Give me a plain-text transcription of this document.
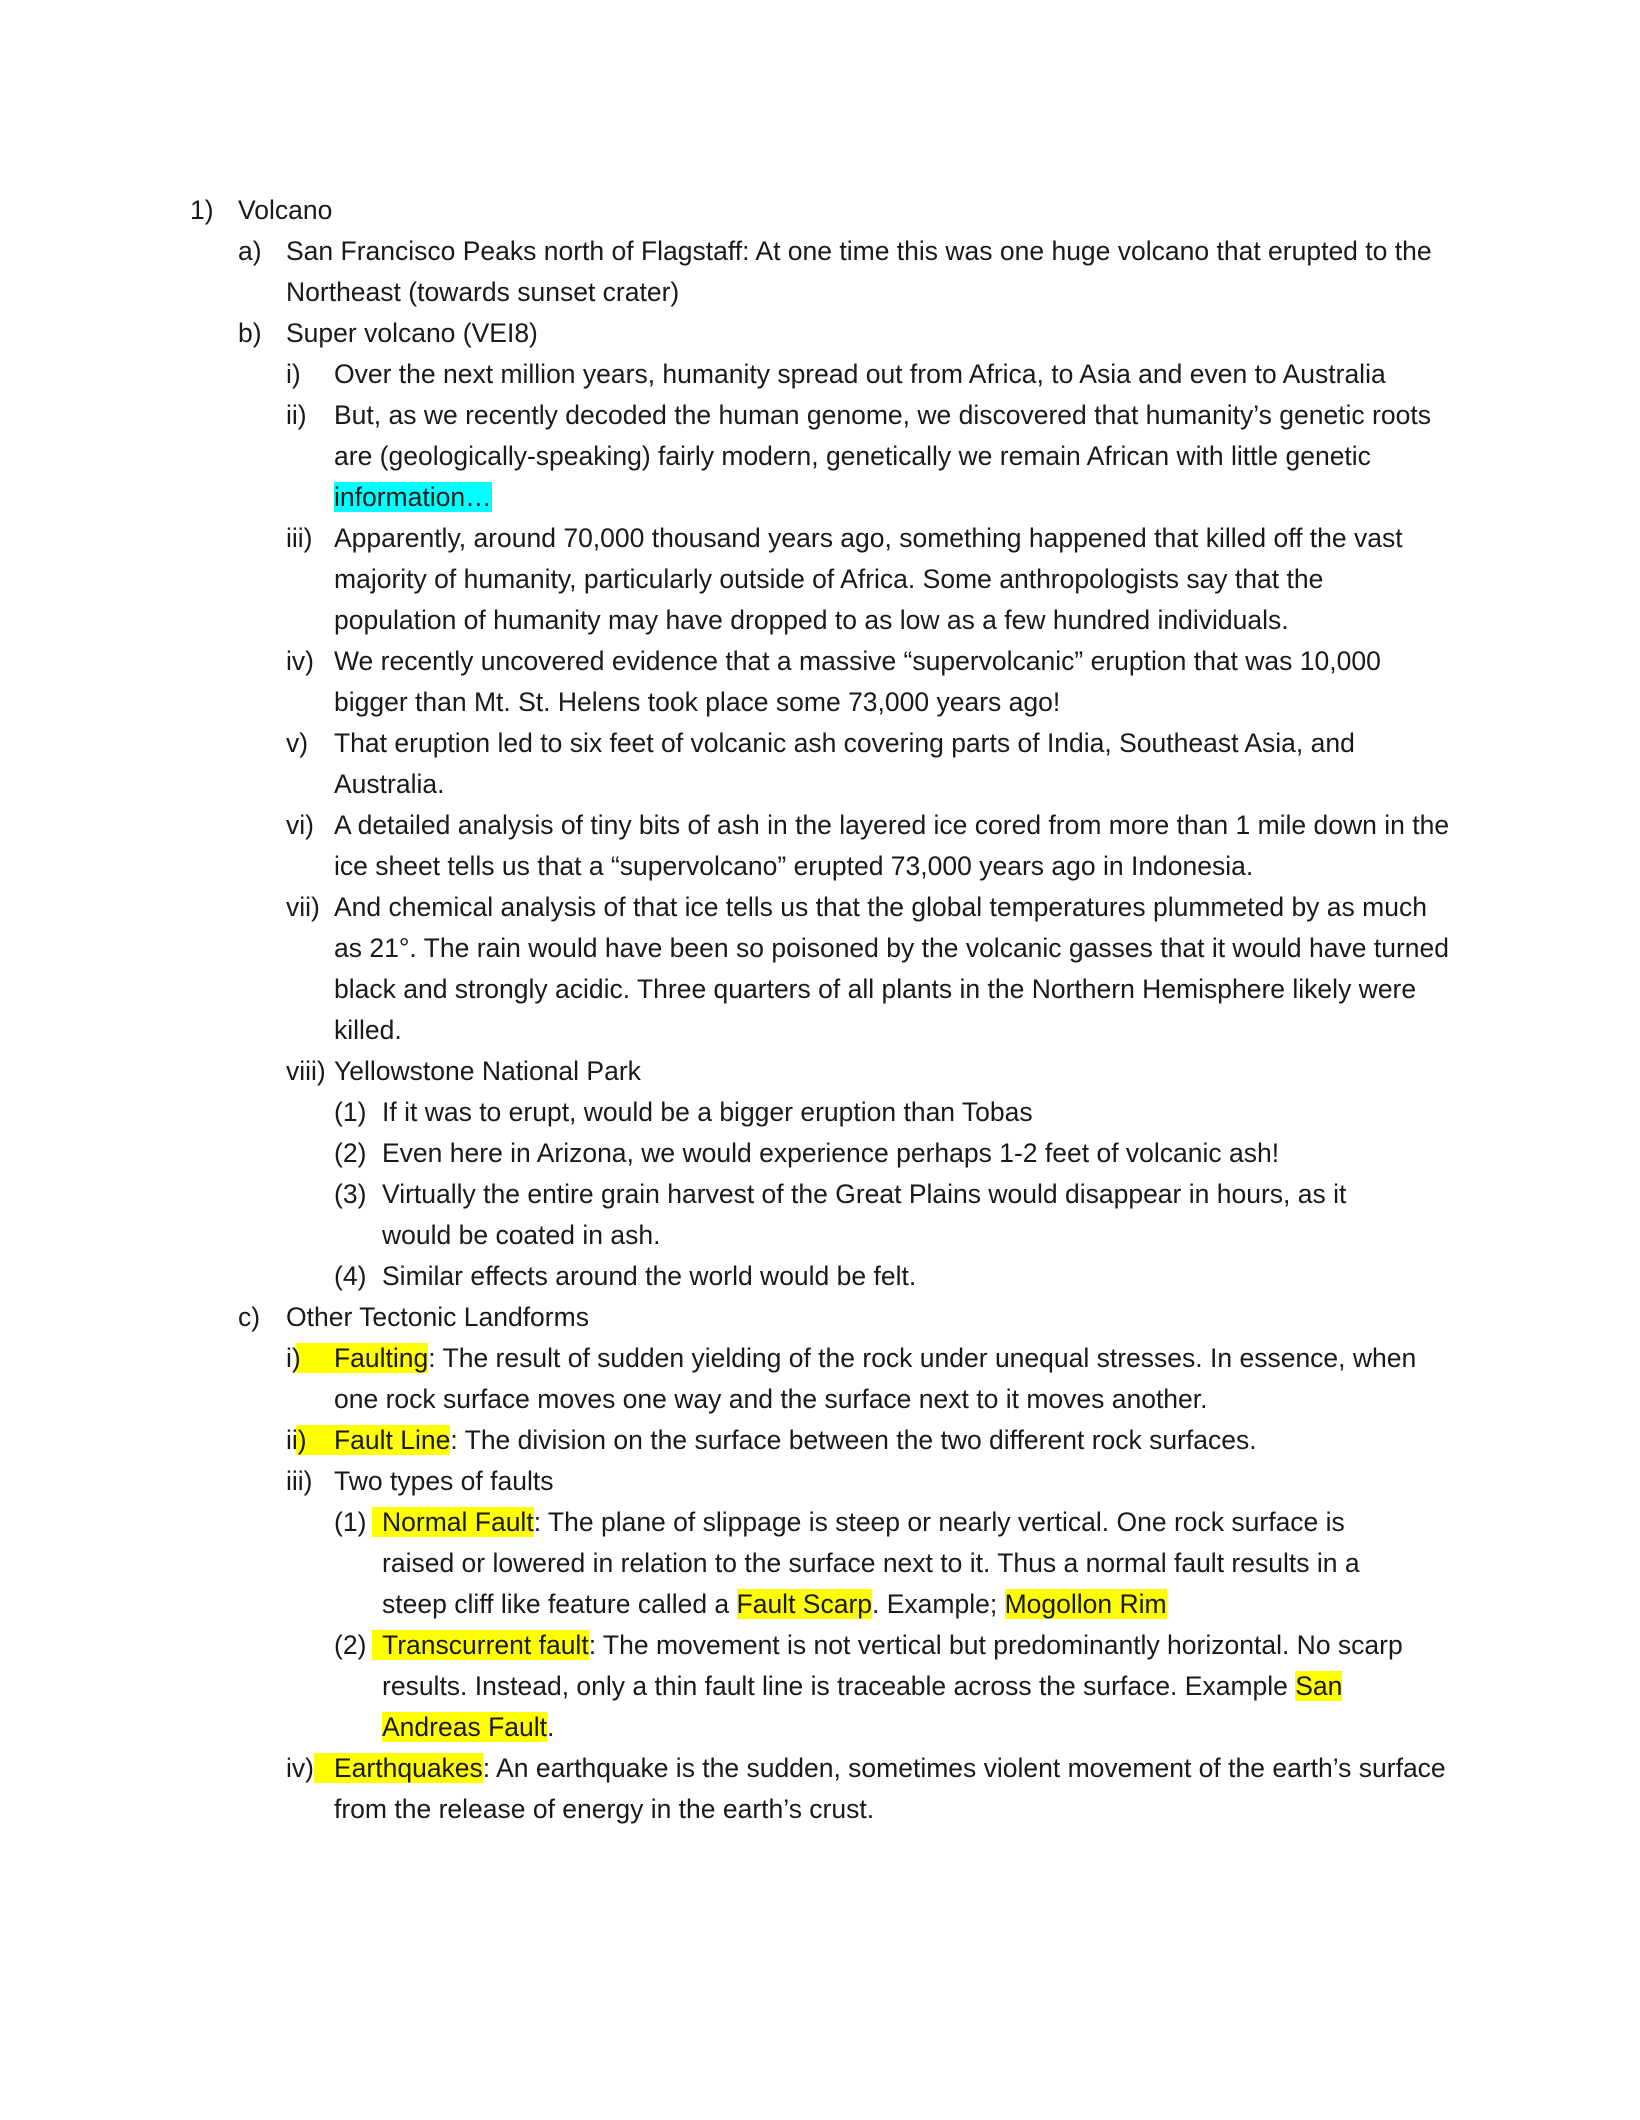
1) Volcano
a) San Francisco Peaks north of Flagstaff: At one time this was one huge volcano that erupted to the Northeast (towards sunset crater)
b) Super volcano (VEI8)
i) Over the next million years, humanity spread out from Africa, to Asia and even to Australia
ii) But, as we recently decoded the human genome, we discovered that humanity’s genetic roots are (geologically-speaking) fairly modern, genetically we remain African with little genetic information…
iii) Apparently, around 70,000 thousand years ago, something happened that killed off the vast majority of humanity, particularly outside of Africa. Some anthropologists say that the population of humanity may have dropped to as low as a few hundred individuals.
iv) We recently uncovered evidence that a massive “supervolcanic” eruption that was 10,000 bigger than Mt. St. Helens took place some 73,000 years ago!
v) That eruption led to six feet of volcanic ash covering parts of India, Southeast Asia, and Australia.
vi) A detailed analysis of tiny bits of ash in the layered ice cored from more than 1 mile down in the ice sheet tells us that a “supervolcano” erupted 73,000 years ago in Indonesia.
vii) And chemical analysis of that ice tells us that the global temperatures plummeted by as much as 21°. The rain would have been so poisoned by the volcanic gasses that it would have turned black and strongly acidic. Three quarters of all plants in the Northern Hemisphere likely were killed.
viii) Yellowstone National Park
(1) If it was to erupt, would be a bigger eruption than Tobas
(2) Even here in Arizona, we would experience perhaps 1-2 feet of volcanic ash!
(3) Virtually the entire grain harvest of the Great Plains would disappear in hours, as it would be coated in ash.
(4) Similar effects around the world would be felt.
c) Other Tectonic Landforms
i) Faulting: The result of sudden yielding of the rock under unequal stresses. In essence, when one rock surface moves one way and the surface next to it moves another.
ii) Fault Line: The division on the surface between the two different rock surfaces.
iii) Two types of faults
(1) Normal Fault: The plane of slippage is steep or nearly vertical. One rock surface is raised or lowered in relation to the surface next to it. Thus a normal fault results in a steep cliff like feature called a Fault Scarp. Example; Mogollon Rim
(2) Transcurrent fault: The movement is not vertical but predominantly horizontal. No scarp results. Instead, only a thin fault line is traceable across the surface. Example San Andreas Fault.
iv) Earthquakes: An earthquake is the sudden, sometimes violent movement of the earth’s surface from the release of energy in the earth’s crust.
